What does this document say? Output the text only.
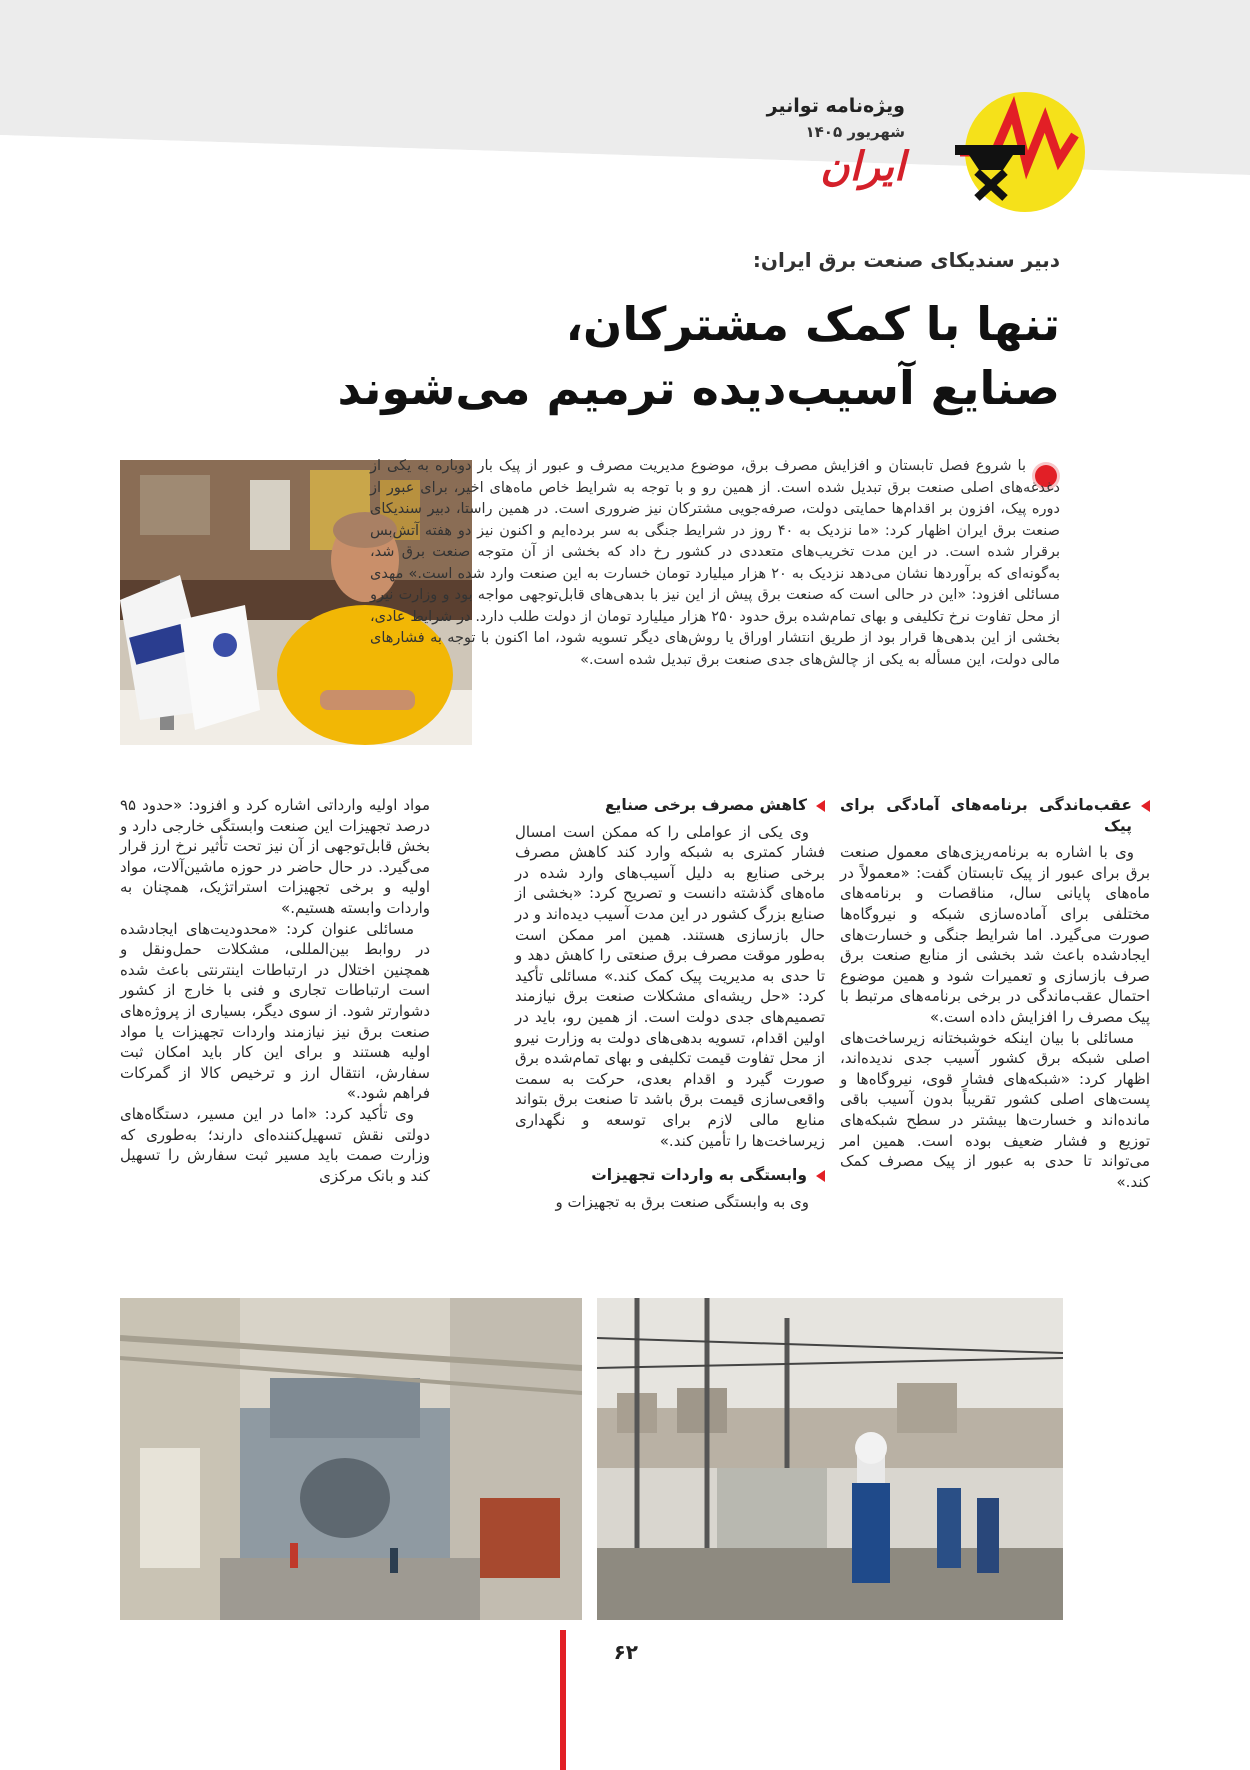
ویژه‌نامه توانیر
شهریور ۱۴۰۵
ایران
دبیر سندیکای صنعت برق ایران:
تنها با کمک مشترکان،
صنایع آسیب‌دیده ترمیم می‌شوند
با شروع فصل تابستان و افزایش مصرف برق، موضوع مدیریت مصرف و عبور از پیک بار دوباره به یکی از دغدغه‌های اصلی صنعت برق تبدیل شده است. از همین رو و با توجه به شرایط خاص ماه‌های اخیر، برای عبور از دوره پیک، افزون بر اقدام‌ها حمایتی دولت، صرفه‌جویی مشترکان نیز ضروری است. در همین راستا، دبیر سندیکای صنعت برق ایران اظهار کرد: «ما نزدیک به ۴۰ روز در شرایط جنگی به سر برده‌ایم و اکنون نیز دو هفته آتش‌بس برقرار شده است. در این مدت تخریب‌های متعددی در کشور رخ داد که بخشی از آن متوجه صنعت برق شد، به‌گونه‌ای که برآوردها نشان می‌دهد نزدیک به ۲۰ هزار میلیارد تومان خسارت به این صنعت وارد شده است.» مهدی مسائلی افزود: «این در حالی است که صنعت برق پیش از این نیز با بدهی‌های قابل‌توجهی مواجه بود و وزارت نیرو از محل تفاوت نرخ تکلیفی و بهای تمام‌شده برق حدود ۲۵۰ هزار میلیارد تومان از دولت طلب دارد. در شرایط عادی، بخشی از این بدهی‌ها قرار بود از طریق انتشار اوراق یا روش‌های دیگر تسویه شود، اما اکنون با توجه به فشارهای مالی دولت، این مسأله به یکی از چالش‌های جدی صنعت برق تبدیل شده است.»
عقب‌ماندگی برنامه‌های آمادگی برای پیک

وی با اشاره به برنامه‌ریزی‌های معمول صنعت برق برای عبور از پیک تابستان گفت: «معمولاً در ماه‌های پایانی سال، مناقصات و برنامه‌های مختلفی برای آماده‌سازی شبکه و نیروگاه‌ها صورت می‌گیرد. اما شرایط جنگی و خسارت‌های ایجادشده باعث شد بخشی از منابع صنعت برق صرف بازسازی و تعمیرات شود و همین موضوع احتمال عقب‌ماندگی در برخی برنامه‌های مرتبط با پیک مصرف را افزایش داده است.»

مسائلی با بیان اینکه خوشبختانه زیرساخت‌های اصلی شبکه برق کشور آسیب جدی ندیده‌اند، اظهار کرد: «شبکه‌های فشار قوی، نیروگاه‌ها و پست‌های اصلی کشور تقریباً بدون آسیب باقی مانده‌اند و خسارت‌ها بیشتر در سطح شبکه‌های توزیع و فشار ضعیف بوده است. همین امر می‌تواند تا حدی به عبور از پیک مصرف کمک کند.»

کاهش مصرف برخی صنایع

وی یکی از عواملی را که ممکن است امسال فشار کمتری به شبکه وارد کند کاهش مصرف برخی صنایع به دلیل آسیب‌های وارد شده در ماه‌های گذشته دانست و تصریح کرد: «بخشی از صنایع بزرگ کشور در این مدت آسیب دیده‌اند و در حال بازسازی هستند. همین امر ممکن است به‌طور موقت مصرف برق صنعتی را کاهش دهد و تا حدی به مدیریت پیک کمک کند.» مسائلی تأکید کرد: «حل ریشه‌ای مشکلات صنعت برق نیازمند تصمیم‌های جدی دولت است. از همین رو، باید در اولین اقدام، تسویه بدهی‌های دولت به وزارت نیرو از محل تفاوت قیمت تکلیفی و بهای تمام‌شده برق صورت گیرد و اقدام بعدی، حرکت به سمت واقعی‌سازی قیمت برق باشد تا صنعت برق بتواند منابع مالی لازم برای توسعه و نگهداری زیرساخت‌ها را تأمین کند.»

وابستگی به واردات تجهیزات

وی به وابستگی صنعت برق به تجهیزات و

مواد اولیه وارداتی اشاره کرد و افزود: «حدود ۹۵ درصد تجهیزات این صنعت وابستگی خارجی دارد و بخش قابل‌توجهی از آن نیز تحت تأثیر نرخ ارز قرار می‌گیرد. در حال حاضر در حوزه ماشین‌آلات، مواد اولیه و برخی تجهیزات استراتژیک، همچنان به واردات وابسته هستیم.»

مسائلی عنوان کرد: «محدودیت‌های ایجادشده در روابط بین‌المللی، مشکلات حمل‌ونقل و همچنین اختلال در ارتباطات اینترنتی باعث شده است ارتباطات تجاری و فنی با خارج از کشور دشوارتر شود. از سوی دیگر، بسیاری از پروژه‌های صنعت برق نیز نیازمند واردات تجهیزات یا مواد اولیه هستند و برای این کار باید امکان ثبت سفارش، انتقال ارز و ترخیص کالا از گمرکات فراهم شود.»

وی تأکید کرد: «اما در این مسیر، دستگاه‌های دولتی نقش تسهیل‌کننده‌ای دارند؛ به‌طوری که وزارت صمت باید مسیر ثبت سفارش را تسهیل کند و بانک مرکزی

۶۲
